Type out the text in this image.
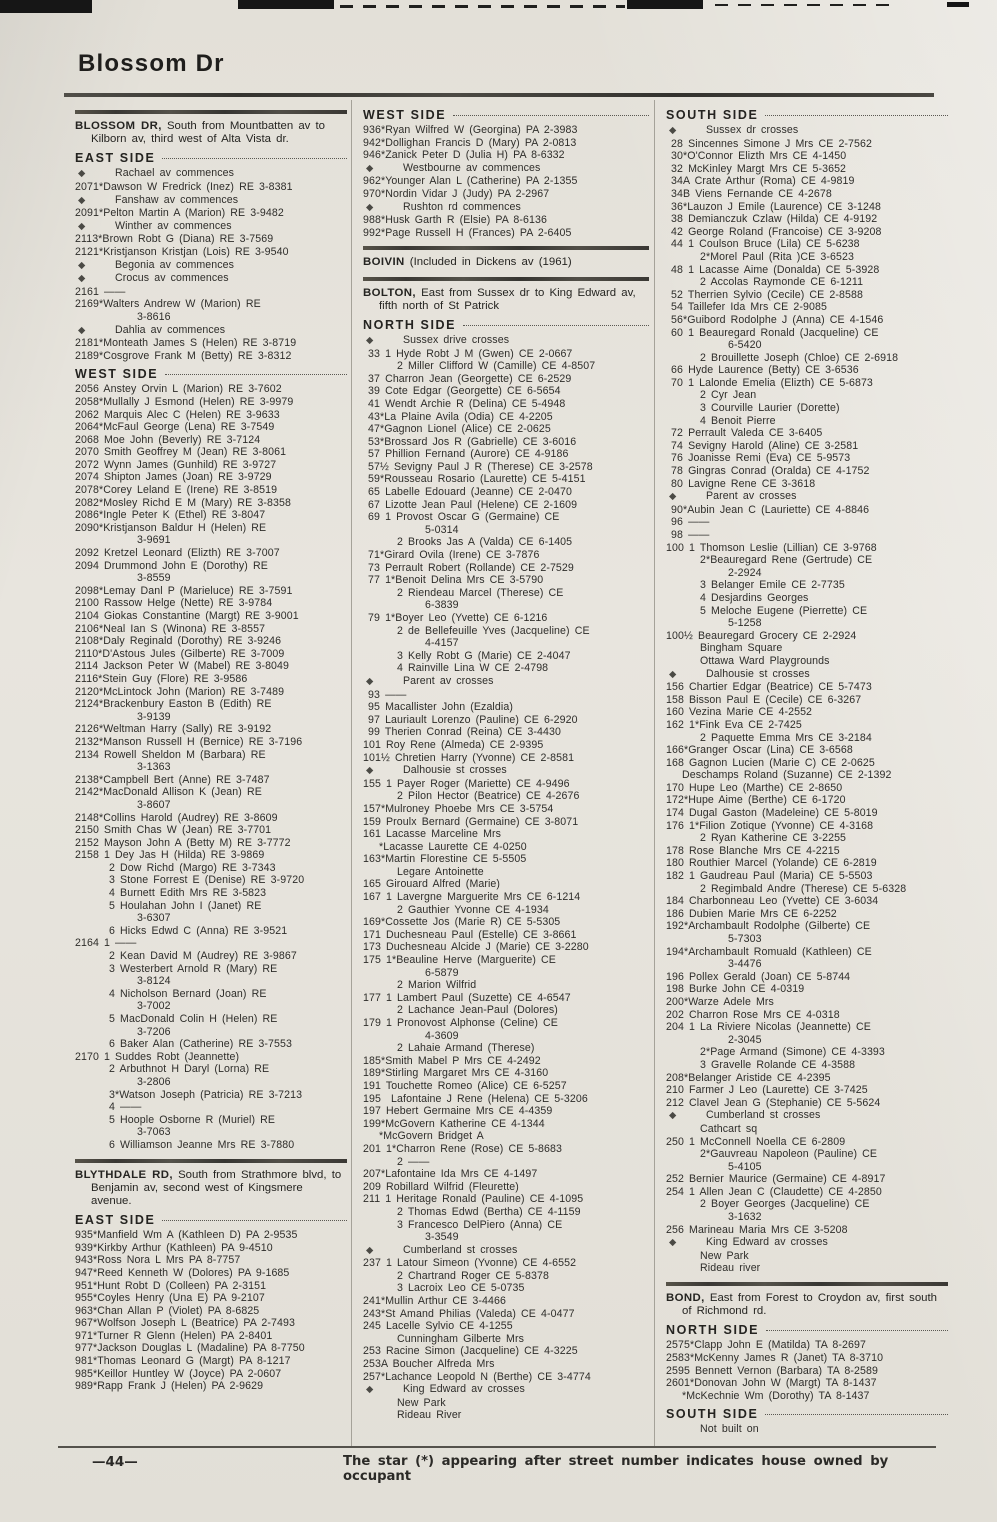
Blossom Dr
BLOSSOM DR, South from Mountbatten av to Kilborn av, third west of Alta Vista dr.
EAST SIDE
◆	Rachael av commences
2071*Dawson W Fredrick (Inez) RE 3-8381
◆	Fanshaw av commences
2091*Pelton Martin A (Marion) RE 3-9482
◆	Winther av commences
2113*Brown Robt G (Diana) RE 3-7569
2121*Kristjanson Kristjan (Lois) RE 3-9540
◆	Begonia av commences
◆	Crocus av commences
2161 ——
2169*Walters Andrew W (Marion) RE
3-8616
◆	Dahlia av commences
2181*Monteath James S (Helen) RE 3-8719
2189*Cosgrove Frank M (Betty) RE 3-8312
WEST SIDE
2056 Anstey Orvin L (Marion) RE 3-7602
2058*Mullally J Esmond (Helen) RE 3-9979
2062 Marquis Alec C (Helen) RE 3-9633
2064*McFaul George (Lena) RE 3-7549
2068 Moe John (Beverly) RE 3-7124
2070 Smith Geoffrey M (Jean) RE 3-8061
2072 Wynn James (Gunhild) RE 3-9727
2074 Shipton James (Joan) RE 3-9729
2078*Corey Leland E (Irene) RE 3-8519
2082*Mosley Richd E M (Mary) RE 3-8358
2086*Ingle Peter K (Ethel) RE 3-8047
2090*Kristjanson Baldur H (Helen) RE
3-9691
2092 Kretzel Leonard (Elizth) RE 3-7007
2094 Drummond John E (Dorothy) RE
3-8559
2098*Lemay Danl P (Marieluce) RE 3-7591
2100 Rassow Helge (Nette) RE 3-9784
2104 Giokas Constantine (Margt) RE 3-9001
2106*Neal Ian S (Winona) RE 3-8557
2108*Daly Reginald (Dorothy) RE 3-9246
2110*D'Astous Jules (Gilberte) RE 3-7009
2114 Jackson Peter W (Mabel) RE 3-8049
2116*Stein Guy (Flore) RE 3-9586
2120*McLintock John (Marion) RE 3-7489
2124*Brackenbury Easton B (Edith) RE
3-9139
2126*Weltman Harry (Sally) RE 3-9192
2132*Manson Russell H (Bernice) RE 3-7196
2134 Rowell Sheldon M (Barbara) RE
3-1363
2138*Campbell Bert (Anne) RE 3-7487
2142*MacDonald Allison K (Jean) RE
3-8607
2148*Collins Harold (Audrey) RE 3-8609
2150 Smith Chas W (Jean) RE 3-7701
2152 Mayson John A (Betty M) RE 3-7772
2158 1 Dey Jas H (Hilda) RE 3-9869
2 Dow Richd (Margo) RE 3-7343
3 Stone Forrest E (Denise) RE 3-9720
4 Burnett Edith Mrs RE 3-5823
5 Houlahan John I (Janet) RE
3-6307
6 Hicks Edwd C (Anna) RE 3-9521
2164 1 ——
2 Kean David M (Audrey) RE 3-9867
3 Westerbert Arnold R (Mary) RE
3-8124
4 Nicholson Bernard (Joan) RE
3-7002
5 MacDonald Colin H (Helen) RE
3-7206
6 Baker Alan (Catherine) RE 3-7553
2170 1 Suddes Robt (Jeannette)
2 Arbuthnot H Daryl (Lorna) RE
3-2806
3*Watson Joseph (Patricia) RE 3-7213
4 ——
5 Hoople Osborne R (Muriel) RE
3-7063
6 Williamson Jeanne Mrs RE 3-7880
BLYTHDALE RD, South from Strathmore blvd, to Benjamin av, second west of Kingsmere avenue.
EAST SIDE
935*Manfield Wm A (Kathleen D) PA 2-9535
939*Kirkby Arthur (Kathleen) PA 9-4510
943*Ross Nora L Mrs PA 8-7757
947*Reed Kenneth W (Dolores) PA 9-1685
951*Hunt Robt D (Colleen) PA 2-3151
955*Coyles Henry (Una E) PA 9-2107
963*Chan Allan P (Violet) PA 8-6825
967*Wolfson Joseph L (Beatrice) PA 2-7493
971*Turner R Glenn (Helen) PA 2-8401
977*Jackson Douglas L (Madaline) PA 8-7750
981*Thomas Leonard G (Margt) PA 8-1217
985*Keillor Huntley W (Joyce) PA 2-0607
989*Rapp Frank J (Helen) PA 2-9629
WEST SIDE
936*Ryan Wilfred W (Georgina) PA 2-3983
942*Dollighan Francis D (Mary) PA 2-0813
946*Zanick Peter D (Julia H) PA 8-6332
◆	Westbourne av commences
962*Younger Alan L (Catherine) PA 2-1355
970*Nordin Vidar J (Judy) PA 2-2967
◆	Rushton rd commences
988*Husk Garth R (Elsie) PA 8-6136
992*Page Russell H (Frances) PA 2-6405
BOIVIN (Included in Dickens av (1961)
BOLTON, East from Sussex dr to King Edward av, fifth north of St Patrick
NORTH SIDE
◆	Sussex drive crosses
33 1 Hyde Robt J M (Gwen) CE 2-0667
2 Miller Clifford W (Camille) CE 4-8507
37 Charron Jean (Georgette) CE 6-2529
39 Cote Edgar (Georgette) CE 6-5654
41 Wendt Archie R (Delina) CE 5-4948
43*La Plaine Avila (Odia) CE 4-2205
47*Gagnon Lionel (Alice) CE 2-0625
53*Brossard Jos R (Gabrielle) CE 3-6016
57 Phillion Fernand (Aurore) CE 4-9186
57½ Sevigny Paul J R (Therese) CE 3-2578
59*Rousseau Rosario (Laurette) CE 5-4151
65 Labelle Edouard (Jeanne) CE 2-0470
67 Lizotte Jean Paul (Helene) CE 2-1609
69 1 Provost Oscar G (Germaine) CE
5-0314
2 Brooks Jas A (Valda) CE 6-1405
71*Girard Ovila (Irene) CE 3-7876
73 Perrault Robert (Rollande) CE 2-7529
77 1*Benoit Delina Mrs CE 3-5790
2 Riendeau Marcel (Therese) CE
6-3839
79 1*Boyer Leo (Yvette) CE 6-1216
2 de Bellefeuille Yves (Jacqueline) CE
4-4157
3 Kelly Robt G (Marie) CE 2-4047
4 Rainville Lina W CE 2-4798
◆	Parent av crosses
93 ——
95 Macallister John (Ezaldia)
97 Lauriault Lorenzo (Pauline) CE 6-2920
99 Therien Conrad (Reina) CE 3-4430
101 Roy Rene (Almeda) CE 2-9395
101½ Chretien Harry (Yvonne) CE 2-8581
◆	Dalhousie st crosses
155 1 Payer Roger (Mariette) CE 4-9496
2 Pilon Hector (Beatrice) CE 4-2676
157*Mulroney Phoebe Mrs CE 3-5754
159 Proulx Bernard (Germaine) CE 3-8071
161 Lacasse Marceline Mrs
*Lacasse Laurette CE 4-0250
163*Martin Florestine CE 5-5505
Legare Antoinette
165 Girouard Alfred (Marie)
167 1 Lavergne Marguerite Mrs CE 6-1214
2 Gauthier Yvonne CE 4-1934
169*Cossette Jos (Marie R) CE 5-5305
171 Duchesneau Paul (Estelle) CE 3-8661
173 Duchesneau Alcide J (Marie) CE 3-2280
175 1*Beauline Herve (Marguerite) CE
6-5879
2 Marion Wilfrid
177 1 Lambert Paul (Suzette) CE 4-6547
2 Lachance Jean-Paul (Dolores)
179 1 Pronovost Alphonse (Celine) CE
4-3609
2 Lahaie Armand (Therese)
185*Smith Mabel P Mrs CE 4-2492
189*Stirling Margaret Mrs CE 4-3160
191 Touchette Romeo (Alice) CE 6-5257
195  Lafontaine J Rene (Helena) CE 5-3206
197 Hebert Germaine Mrs CE 4-4359
199*McGovern Katherine CE 4-1344
*McGovern Bridget A
201 1*Charron Rene (Rose) CE 5-8683
2 ——
207*Lafontaine Ida Mrs CE 4-1497
209 Robillard Wilfrid (Fleurette)
211 1 Heritage Ronald (Pauline) CE 4-1095
2 Thomas Edwd (Bertha) CE 4-1159
3 Francesco DelPiero (Anna) CE
3-3549
◆	Cumberland st crosses
237 1 Latour Simeon (Yvonne) CE 4-6552
2 Chartrand Roger CE 5-8378
3 Lacroix Leo CE 5-0735
241*Mullin Arthur CE 3-4466
243*St Amand Philias (Valeda) CE 4-0477
245 Lacelle Sylvio CE 4-1255
Cunningham Gilberte Mrs
253 Racine Simon (Jacqueline) CE 4-3225
253A Boucher Alfreda Mrs
257*Lachance Leopold N (Berthe) CE 3-4774
◆	King Edward av crosses
New Park
Rideau River
SOUTH SIDE
◆	Sussex dr crosses
28 Sincennes Simone J Mrs CE 2-7562
30*O'Connor Elizth Mrs CE 4-1450
32 McKinley Margt Mrs CE 5-3652
34A Crate Arthur (Roma) CE 4-9819
34B Viens Fernande CE 4-2678
36*Lauzon J Emile (Laurence) CE 3-1248
38 Demianczuk Czlaw (Hilda) CE 4-9192
42 George Roland (Francoise) CE 3-9208
44 1 Coulson Bruce (Lila) CE 5-6238
2*Morel Paul (Rita )CE 3-6523
48 1 Lacasse Aime (Donalda) CE 5-3928
2 Accolas Raymonde CE 6-1211
52 Therrien Sylvio (Cecile) CE 2-8588
54 Taillefer Ida Mrs CE 2-9085
56*Guibord Rodolphe J (Anna) CE 4-1546
60 1 Beauregard Ronald (Jacqueline) CE
6-5420
2 Brouillette Joseph (Chloe) CE 2-6918
66 Hyde Laurence (Betty) CE 3-6536
70 1 Lalonde Emelia (Elizth) CE 5-6873
2 Cyr Jean
3 Courville Laurier (Dorette)
4 Benoit Pierre
72 Perrault Valeda CE 3-6405
74 Sevigny Harold (Aline) CE 3-2581
76 Joanisse Remi (Eva) CE 5-9573
78 Gingras Conrad (Oralda) CE 4-1752
80 Lavigne Rene CE 3-3618
◆	Parent av crosses
90*Aubin Jean C (Lauriette) CE 4-8846
96 ——
98 ——
100 1 Thomson Leslie (Lillian) CE 3-9768
2*Beauregard Rene (Gertrude) CE
2-2924
3 Belanger Emile CE 2-7735
4 Desjardins Georges
5 Meloche Eugene (Pierrette) CE
5-1258
100½ Beauregard Grocery CE 2-2924
Bingham Square
Ottawa Ward Playgrounds
◆	Dalhousie st crosses
156 Chartier Edgar (Beatrice) CE 5-7473
158 Bisson Paul E (Cecile) CE 6-3267
160 Vezina Marie CE 4-2552
162 1*Fink Eva CE 2-7425
2 Paquette Emma Mrs CE 3-2184
166*Granger Oscar (Lina) CE 3-6568
168 Gagnon Lucien (Marie C) CE 2-0625
Deschamps Roland (Suzanne) CE 2-1392
170 Hupe Leo (Marthe) CE 2-8650
172*Hupe Aime (Berthe) CE 6-1720
174 Dugal Gaston (Madeleine) CE 5-8019
176 1*Filion Zotique (Yvonne) CE 4-3168
2 Ryan Katherine CE 3-2255
178 Rose Blanche Mrs CE 4-2215
180 Routhier Marcel (Yolande) CE 6-2819
182 1 Gaudreau Paul (Maria) CE 5-5503
2 Regimbald Andre (Therese) CE 5-6328
184 Charbonneau Leo (Yvette) CE 3-6034
186 Dubien Marie Mrs CE 6-2252
192*Archambault Rodolphe (Gilberte) CE
5-7303
194*Archambault Romuald (Kathleen) CE
3-4476
196 Pollex Gerald (Joan) CE 5-8744
198 Burke John CE 4-0319
200*Warze Adele Mrs
202 Charron Rose Mrs CE 4-0318
204 1 La Riviere Nicolas (Jeannette) CE
2-3045
2*Page Armand (Simone) CE 4-3393
3 Gravelle Rolande CE 4-3588
208*Belanger Aristide CE 4-2395
210 Farmer J Leo (Laurette) CE 3-7425
212 Clavel Jean G (Stephanie) CE 5-5624
◆	Cumberland st crosses
Cathcart sq
250 1 McConnell Noella CE 6-2809
2*Gauvreau Napoleon (Pauline) CE
5-4105
252 Bernier Maurice (Germaine) CE 4-8917
254 1 Allen Jean C (Claudette) CE 4-2850
2 Boyer Georges (Jacqueline) CE
3-1632
256 Marineau Maria Mrs CE 3-5208
◆	King Edward av crosses
New Park
Rideau river
BOND, East from Forest to Croydon av, first south of Richmond rd.
NORTH SIDE
2575*Clapp John E (Matilda) TA 8-2697
2583*McKenny James R (Janet) TA 8-3710
2595 Bennett Vernon (Barbara) TA 8-2589
2601*Donovan John W (Margt) TA 8-1437
*McKechnie Wm (Dorothy) TA 8-1437
SOUTH SIDE
Not built on
—44—	The star (*) appearing after street number indicates house owned by occupant
